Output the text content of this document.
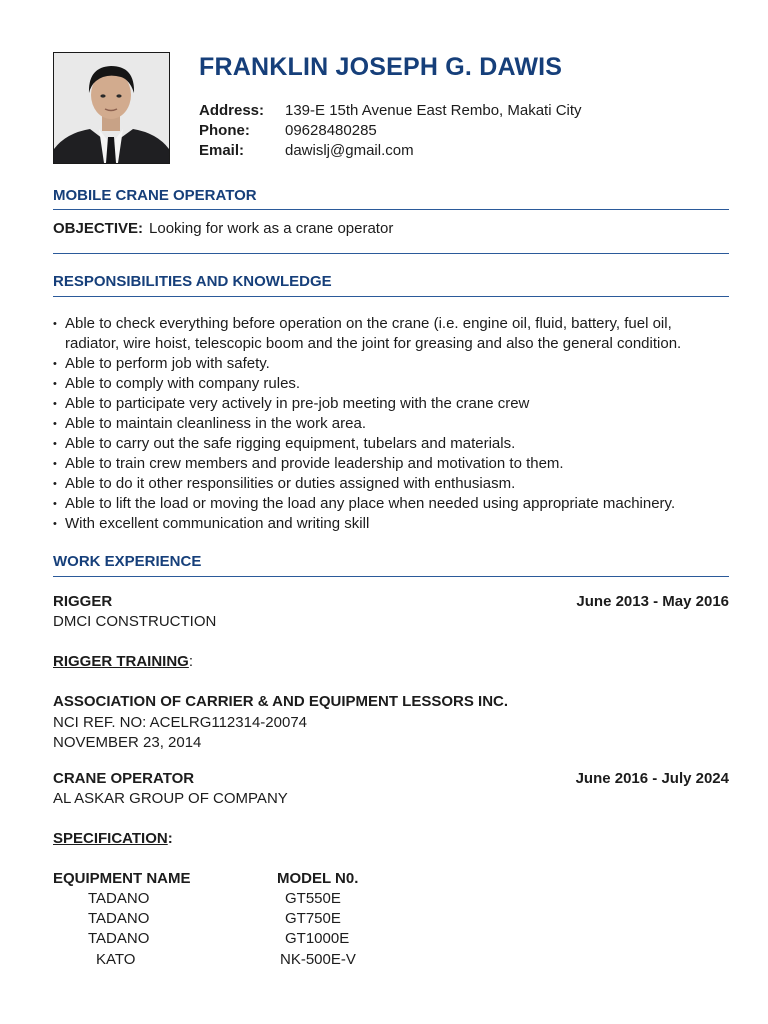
FRANKLIN JOSEPH G. DAWIS
Address: 139-E 15th Avenue East Rembo, Makati City
Phone: 09628480285
Email:	dawislj@gmail.com
MOBILE CRANE OPERATOR
OBJECTIVE: Looking for work as a crane operator
RESPONSIBILITIES AND KNOWLEDGE
• Able to check everything before operation on the crane (i.e. engine oil, fluid, battery, fuel oil, radiator, wire hoist, telescopic boom and the joint for greasing and also the general condition.
• Able to perform job with safety.
• Able to comply with company rules.
• Able to participate very actively in pre-job meeting with the crane crew
• Able to maintain cleanliness in the work area.
• Able to carry out the safe rigging equipment, tubelars and materials.
• Able to train crew members and provide leadership and motivation to them.
• Able to do it other responsilities or duties assigned with enthusiasm.
• Able to lift the load or moving the load any place when needed using appropriate machinery.
• With excellent communication and writing skill
WORK EXPERIENCE
RIGGER	June 2013 - May 2016
DMCI CONSTRUCTION
RIGGER TRAINING:
ASSOCIATION OF CARRIER & AND EQUIPMENT LESSORS INC.
NCI REF. NO: ACELRG112314-20074
NOVEMBER 23, 2014
CRANE OPERATOR	June 2016 - July 2024
AL ASKAR GROUP OF COMPANY
SPECIFICATION:
EQUIPMENT NAME	MODEL N0.
TADANO	GT550E
TADANO	GT750E
TADANO	GT1000E
KATO	NK-500E-V
